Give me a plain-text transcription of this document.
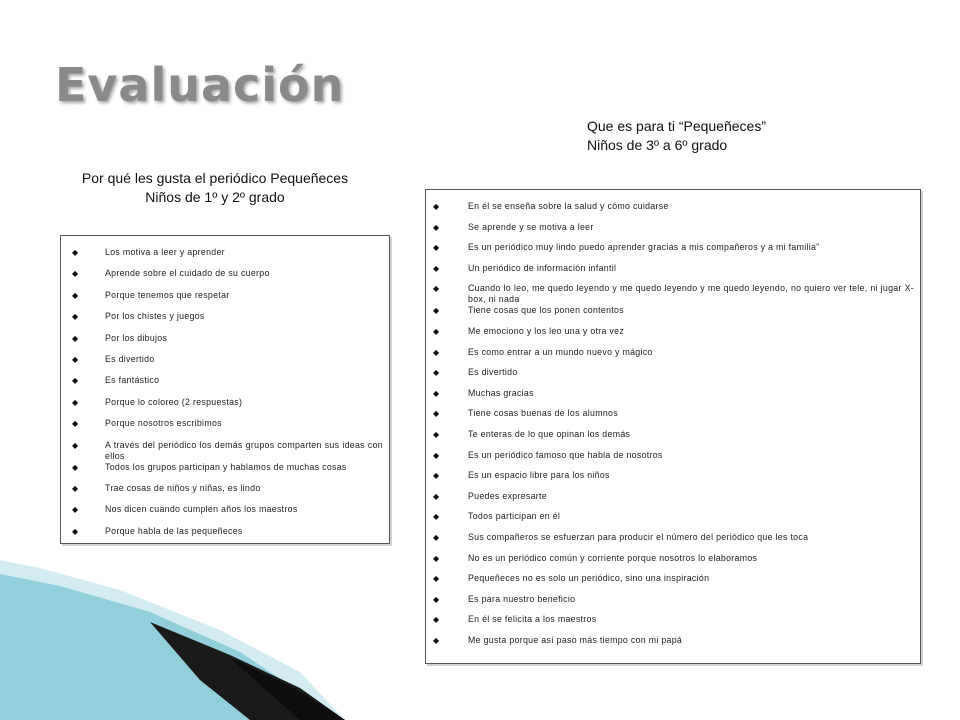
Evaluación
Por qué les gusta el periódico Pequeñeces
Niños de 1º y 2º grado
Que es para ti “Pequeñeces”
Niños de 3º a 6º grado
◆	Los motiva a leer y aprender
◆	Aprende sobre el cuidado de su cuerpo
◆	Porque tenemos que respetar
◆	Por los chistes y juegos
◆	Por los dibujos
◆	Es divertido
◆	Es fantástico
◆	Porque lo coloreo (2 respuestas)
◆	Porque nosotros escribimos
◆	A través del periódico los demás grupos comparten sus ideas con ellos
◆	Todos los grupos participan y hablamos de muchas cosas
◆	Trae cosas de niños y niñas, es lindo
◆	Nos dicen cuando cumplen años los maestros
◆	Porque habla de las pequeñeces
◆	En él se enseña sobre la salud y cómo cuidarse
◆	Se aprende y se motiva a leer
◆	Es un periódico muy lindo puedo aprender gracias a mis compañeros y a mi familia”
◆	Un periódico de información infantil
◆	Cuando lo leo, me quedo leyendo y me quedo leyendo y me quedo leyendo, no quiero ver tele, ni jugar X-box, ni nada
◆	Tiene cosas que los ponen contentos
◆	Me emociono y los leo una y otra vez
◆	Es como entrar a un mundo nuevo y mágico
◆	Es divertido
◆	Muchas gracias
◆	Tiene cosas buenas de los alumnos
◆	Te enteras de lo que opinan los demás
◆	Es un periódico famoso que habla de nosotros
◆	Es un espacio libre para los niños
◆	Puedes expresarte
◆	Todos participan en él
◆	Sus compañeros se esfuerzan para producir el número del periódico que les toca
◆	No es un periódico común y corriente porque nosotros lo elaboramos
◆	Pequeñeces no es solo un periódico, sino una inspiración
◆	Es para nuestro beneficio
◆	En él se felicita a los maestros
◆	Me gusta porque así paso más tiempo con mi papá
